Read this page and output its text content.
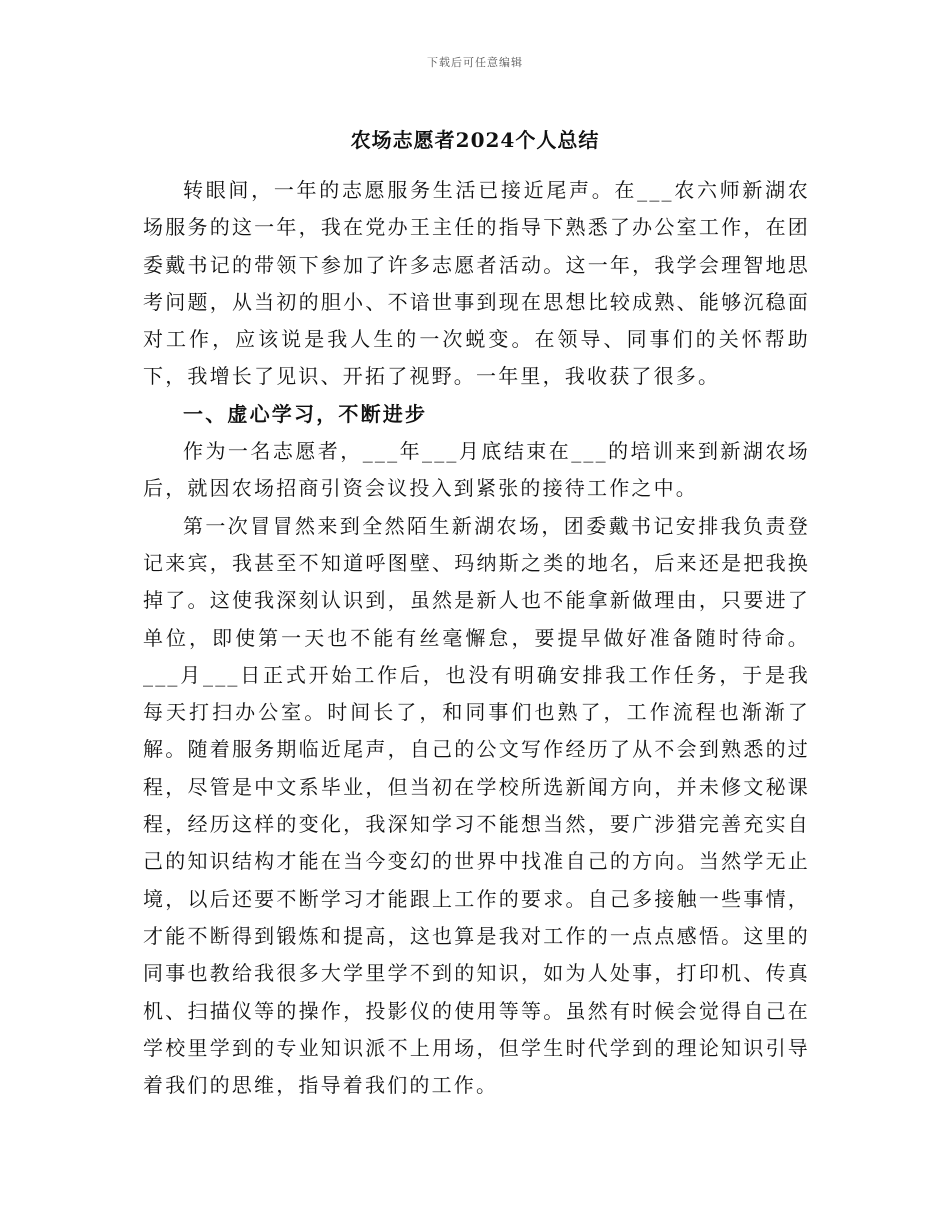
下载后可任意编辑
农场志愿者2024个人总结

转眼间，一年的志愿服务生活已接近尾声。在___农六师新湖农场服务的这一年，我在党办王主任的指导下熟悉了办公室工作，在团委戴书记的带领下参加了许多志愿者活动。这一年，我学会理智地思考问题，从当初的胆小、不谙世事到现在思想比较成熟、能够沉稳面对工作，应该说是我人生的一次蜕变。在领导、同事们的关怀帮助下，我增长了见识、开拓了视野。一年里，我收获了很多。

一、虚心学习，不断进步

作为一名志愿者，___年___月底结束在___的培训来到新湖农场后，就因农场招商引资会议投入到紧张的接待工作之中。

第一次冒冒然来到全然陌生新湖农场，团委戴书记安排我负责登记来宾，我甚至不知道呼图壁、玛纳斯之类的地名，后来还是把我换掉了。这使我深刻认识到，虽然是新人也不能拿新做理由，只要进了单位，即使第一天也不能有丝毫懈怠，要提早做好准备随时待命。___月___日正式开始工作后，也没有明确安排我工作任务，于是我每天打扫办公室。时间长了，和同事们也熟了，工作流程也渐渐了解。随着服务期临近尾声，自己的公文写作经历了从不会到熟悉的过程，尽管是中文系毕业，但当初在学校所选新闻方向，并未修文秘课程，经历这样的变化，我深知学习不能想当然，要广涉猎完善充实自己的知识结构才能在当今变幻的世界中找准自己的方向。当然学无止境，以后还要不断学习才能跟上工作的要求。自己多接触一些事情，才能不断得到锻炼和提高，这也算是我对工作的一点点感悟。这里的同事也教给我很多大学里学不到的知识，如为人处事，打印机、传真机、扫描仪等的操作，投影仪的使用等等。虽然有时候会觉得自己在学校里学到的专业知识派不上用场，但学生时代学到的理论知识引导着我们的思维，指导着我们的工作。
